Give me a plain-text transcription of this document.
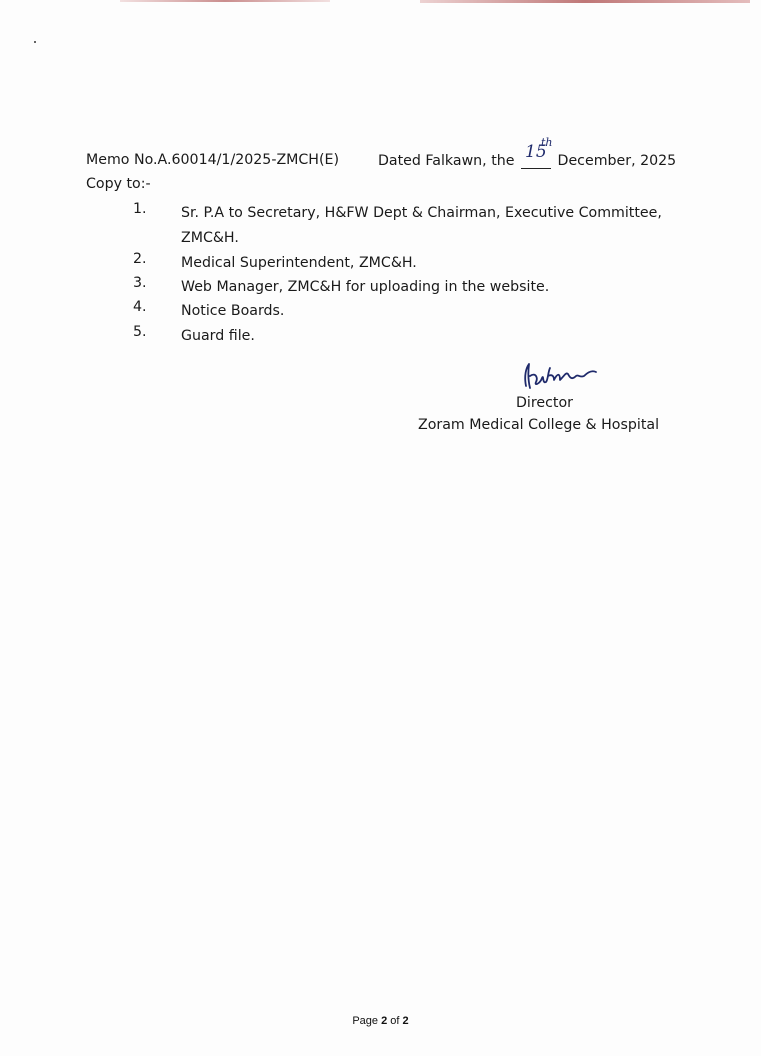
Memo No.A.60014/1/2025-ZMCH(E)	Dated Falkawn, the 15
th
December, 2025
Copy to:-
1. Sr. P.A to Secretary, H&FW Dept & Chairman, Executive Committee,
ZMC&H.
2. Medical Superintendent, ZMC&H.
3. Web Manager, ZMC&H for uploading in the website.
4. Notice Boards.
5. Guard file.
Director
Zoram Medical College & Hospital
Page 2 of 2
